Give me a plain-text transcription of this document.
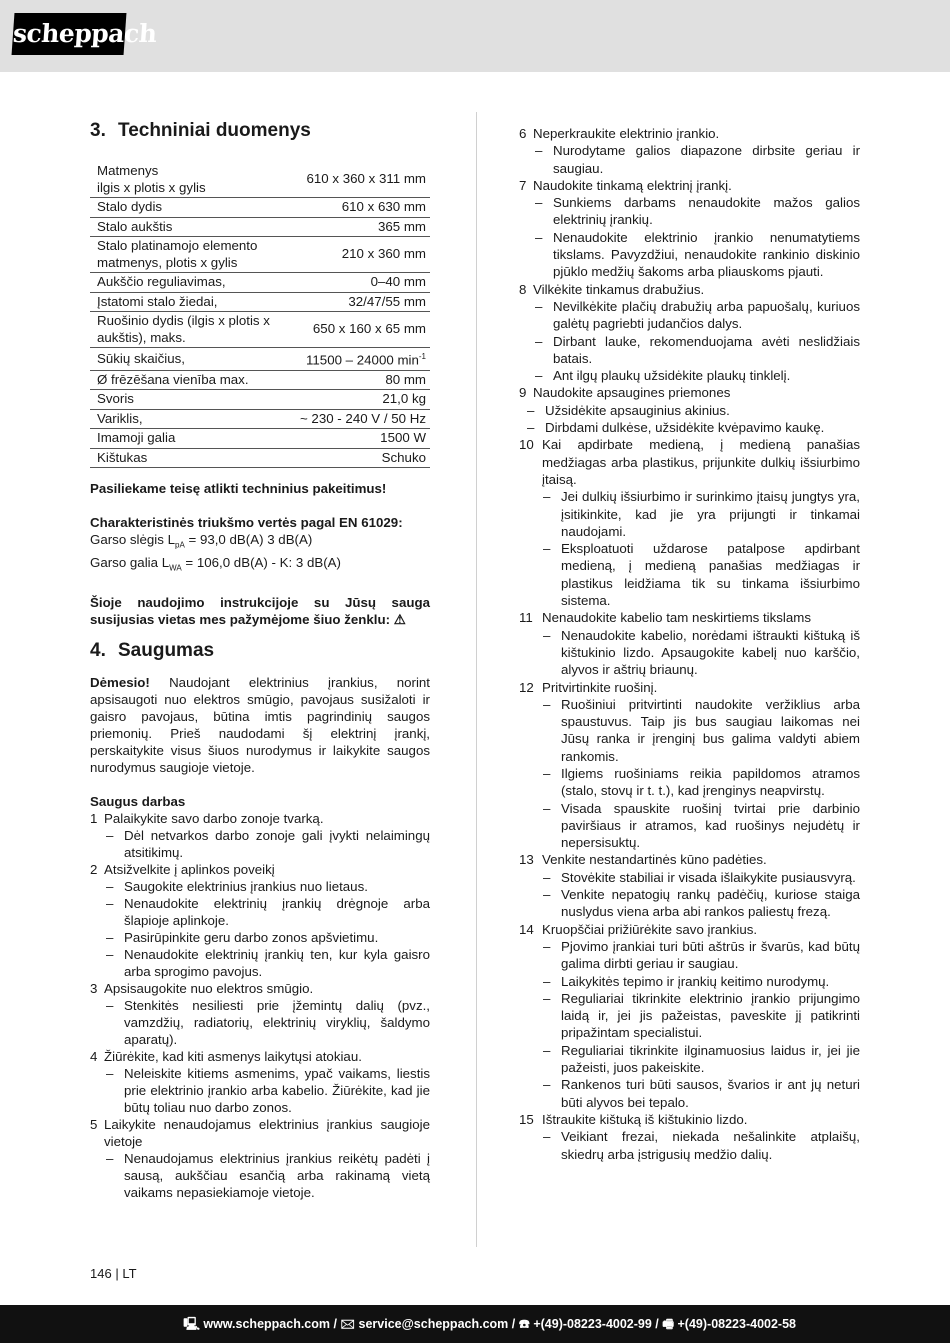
scheppach
3. Techniniai duomenys
Matmenys
ilgis x plotis x gylis	610 x 360 x 311 mm
Stalo dydis	610 x 630 mm
Stalo aukštis	365 mm
Stalo platinamojo elemento matmenys, plotis x gylis	210 x 360 mm
Aukščio reguliavimas,	0–40 mm
Įstatomi stalo žiedai,	32/47/55 mm
Ruošinio dydis (ilgis x plotis x aukštis), maks.	650 x 160 x 65 mm
Sūkių skaičius,	11500 – 24000 $\min^{-1}$
Ø frēzēšana vienība max.	80 mm
Svoris	21,0 kg
Variklis,	~ 230 - 240 V / 50 Hz
Imamoji galia	1500 W
Kištukas	Schuko
Pasiliekame teisę atlikti techninius pakeitimus!
Charakteristinės triukšmo vertės pagal EN 61029:
Garso slėgis $L_{pA} = 93,0$ dB(A) 3 dB(A)
Garso galia $L_{WA} = 106,0$ dB(A) - K: 3 dB(A)
Šioje naudojimo instrukcijoje su Jūsų sauga susijusias vietas mes pažymėjome šiuo ženklu: ⚠
4. Saugumas
Dėmesio! Naudojant elektrinius įrankius, norint apsisaugoti nuo elektros smūgio, pavojaus susižaloti ir gaisro pavojaus, būtina imtis pagrindinių saugos priemonių. Prieš naudodami šį elektrinį įrankį, perskaitykite visus šiuos nurodymus ir laikykite saugos nurodymus saugioje vietoje.
Saugus darbas
1 Palaikykite savo darbo zonoje tvarką.
– Dėl netvarkos darbo zonoje gali įvykti nelaimingų atsitikimų.
2 Atsižvelkite į aplinkos poveikį
– Saugokite elektrinius įrankius nuo lietaus.
– Nenaudokite elektrinių įrankių drėgnoje arba šlapioje aplinkoje.
– Pasirūpinkite geru darbo zonos apšvietimu.
– Nenaudokite elektrinių įrankių ten, kur kyla gaisro arba sprogimo pavojus.
3 Apsisaugokite nuo elektros smūgio.
– Stenkitės nesiliesti prie įžemintų dalių (pvz., vamzdžių, radiatorių, elektrinių viryklių, šaldymo aparatų).
4 Žiūrėkite, kad kiti asmenys laikytųsi atokiau.
– Neleiskite kitiems asmenims, ypač vaikams, liestis prie elektrinio įrankio arba kabelio. Žiūrėkite, kad jie būtų toliau nuo darbo zonos.
5 Laikykite nenaudojamus elektrinius įrankius saugioje vietoje
– Nenaudojamus elektrinius įrankius reikėtų padėti į sausą, aukščiau esančią arba rakinamą vietą vaikams nepasiekiamoje vietoje.
6 Neperkraukite elektrinio įrankio.
– Nurodytame galios diapazone dirbsite geriau ir saugiau.
7 Naudokite tinkamą elektrinį įrankį.
– Sunkiems darbams nenaudokite mažos galios elektrinių įrankių.
– Nenaudokite elektrinio įrankio nenumatytiems tikslams. Pavyzdžiui, nenaudokite rankinio diskinio pjūklo medžių šakoms arba pliauskoms pjauti.
8 Vilkėkite tinkamus drabužius.
– Nevilkėkite plačių drabužių arba papuošalų, kuriuos galėtų pagriebti judančios dalys.
– Dirbant lauke, rekomenduojama avėti neslidžiais batais.
– Ant ilgų plaukų užsidėkite plaukų tinklelį.
9 Naudokite apsaugines priemones
– Užsidėkite apsauginius akinius.
– Dirbdami dulkėse, užsidėkite kvėpavimo kaukę.
10 Kai apdirbate medieną, į medieną panašias medžiagas arba plastikus, prijunkite dulkių išsiurbimo įtaisą.
– Jei dulkių išsiurbimo ir surinkimo įtaisų jungtys yra, įsitikinkite, kad jie yra prijungti ir tinkamai naudojami.
– Eksploatuoti uždarose patalpose apdirbant medieną, į medieną panašias medžiagas ir plastikus leidžiama tik su tinkama išsiurbimo sistema.
11 Nenaudokite kabelio tam neskirtiems tikslams
– Nenaudokite kabelio, norėdami ištraukti kištuką iš kištukinio lizdo. Apsaugokite kabelį nuo karščio, alyvos ir aštrių briaunų.
12 Pritvirtinkite ruošinį.
– Ruošiniui pritvirtinti naudokite veržiklius arba spaustuvus. Taip jis bus saugiau laikomas nei Jūsų ranka ir įrenginį bus galima valdyti abiem rankomis.
– Ilgiems ruošiniams reikia papildomos atramos (stalo, stovų ir t. t.), kad įrenginys neapvirstų.
– Visada spauskite ruošinį tvirtai prie darbinio paviršiaus ir atramos, kad ruošinys nejudėtų ir nepersisuktų.
13 Venkite nestandartinės kūno padėties.
– Stovėkite stabiliai ir visada išlaikykite pusiausvyrą.
– Venkite nepatogių rankų padėčių, kuriose staiga nuslydus viena arba abi rankos paliestų frezą.
14 Kruopščiai prižiūrėkite savo įrankius.
– Pjovimo įrankiai turi būti aštrūs ir švarūs, kad būtų galima dirbti geriau ir saugiau.
– Laikykitės tepimo ir įrankių keitimo nurodymų.
– Reguliariai tikrinkite elektrinio įrankio prijungimo laidą ir, jei jis pažeistas, paveskite jį patikrinti pripažintam specialistui.
– Reguliariai tikrinkite ilginamuosius laidus ir, jei jie pažeisti, juos pakeiskite.
– Rankenos turi būti sausos, švarios ir ant jų neturi būti alyvos bei tepalo.
15 Ištraukite kištuką iš kištukinio lizdo.
– Veikiant frezai, niekada nešalinkite atplaišų, skiedrų arba įstrigusių medžio dalių.
146 | LT
🖳 www.scheppach.com / 🖂 service@scheppach.com / ☎ +(49)-08223-4002-99 / 🖷 +(49)-08223-4002-58
